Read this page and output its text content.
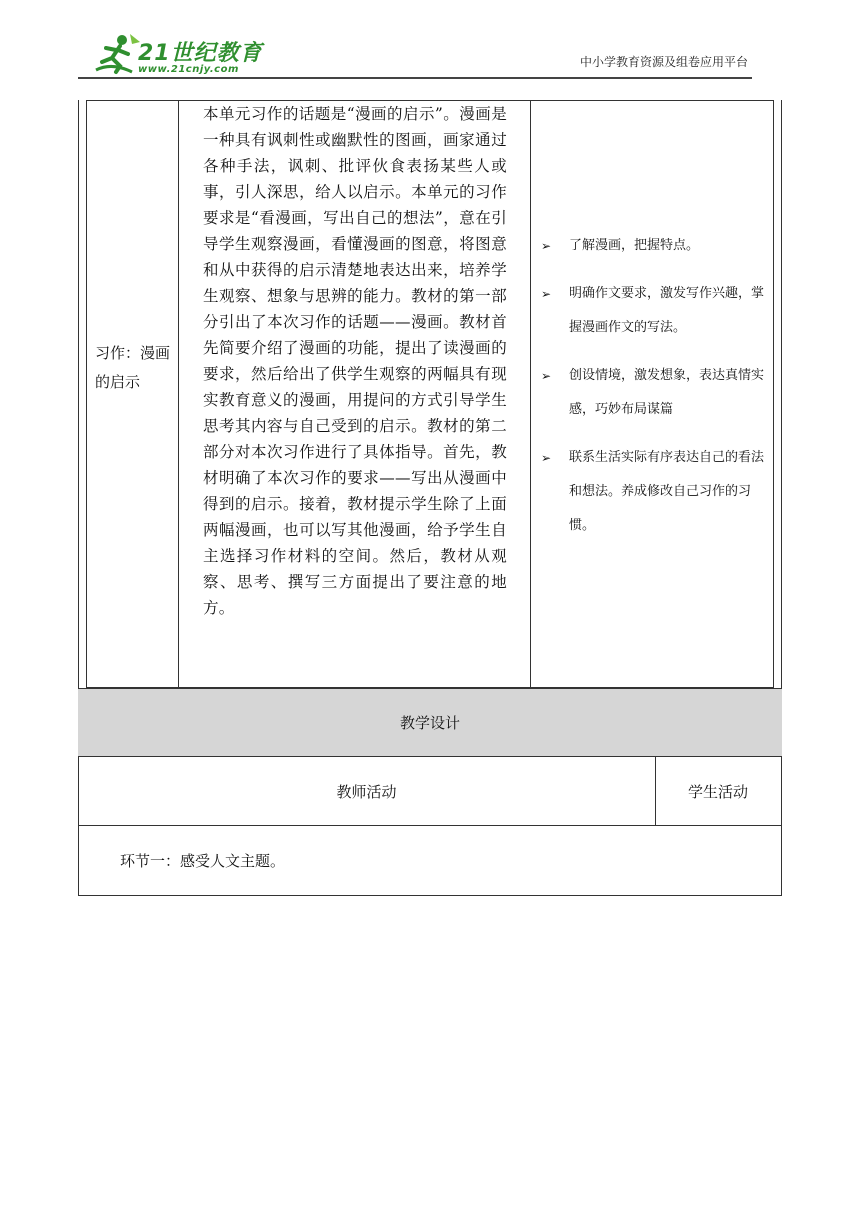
21世纪教育
www.21cnjy.com
中小学教育资源及组卷应用平台
习作：漫画的启示
本单元习作的话题是“漫画的启示”。漫画是一种具有讽刺性或幽默性的图画，画家通过各种手法，讽刺、批评伙食表扬某些人或事，引人深思，给人以启示。本单元的习作要求是“看漫画，写出自己的想法”，意在引导学生观察漫画，看懂漫画的图意，将图意和从中获得的启示清楚地表达出来，培养学生观察、想象与思辨的能力。教材的第一部分引出了本次习作的话题——漫画。教材首先简要介绍了漫画的功能，提出了读漫画的要求，然后给出了供学生观察的两幅具有现实教育意义的漫画，用提问的方式引导学生思考其内容与自己受到的启示。教材的第二部分对本次习作进行了具体指导。首先，教材明确了本次习作的要求——写出从漫画中得到的启示。接着，教材提示学生除了上面两幅漫画，也可以写其他漫画，给予学生自主选择习作材料的空间。然后，教材从观察、思考、撰写三方面提出了要注意的地方。
➢ 了解漫画，把握特点。
➢ 明确作文要求，激发写作兴趣，掌握漫画作文的写法。
➢ 创设情境，激发想象，表达真情实感，巧妙布局谋篇
➢ 联系生活实际有序表达自己的看法和想法。养成修改自己习作的习惯。
教学设计
教师活动	学生活动
环节一：感受人文主题。
